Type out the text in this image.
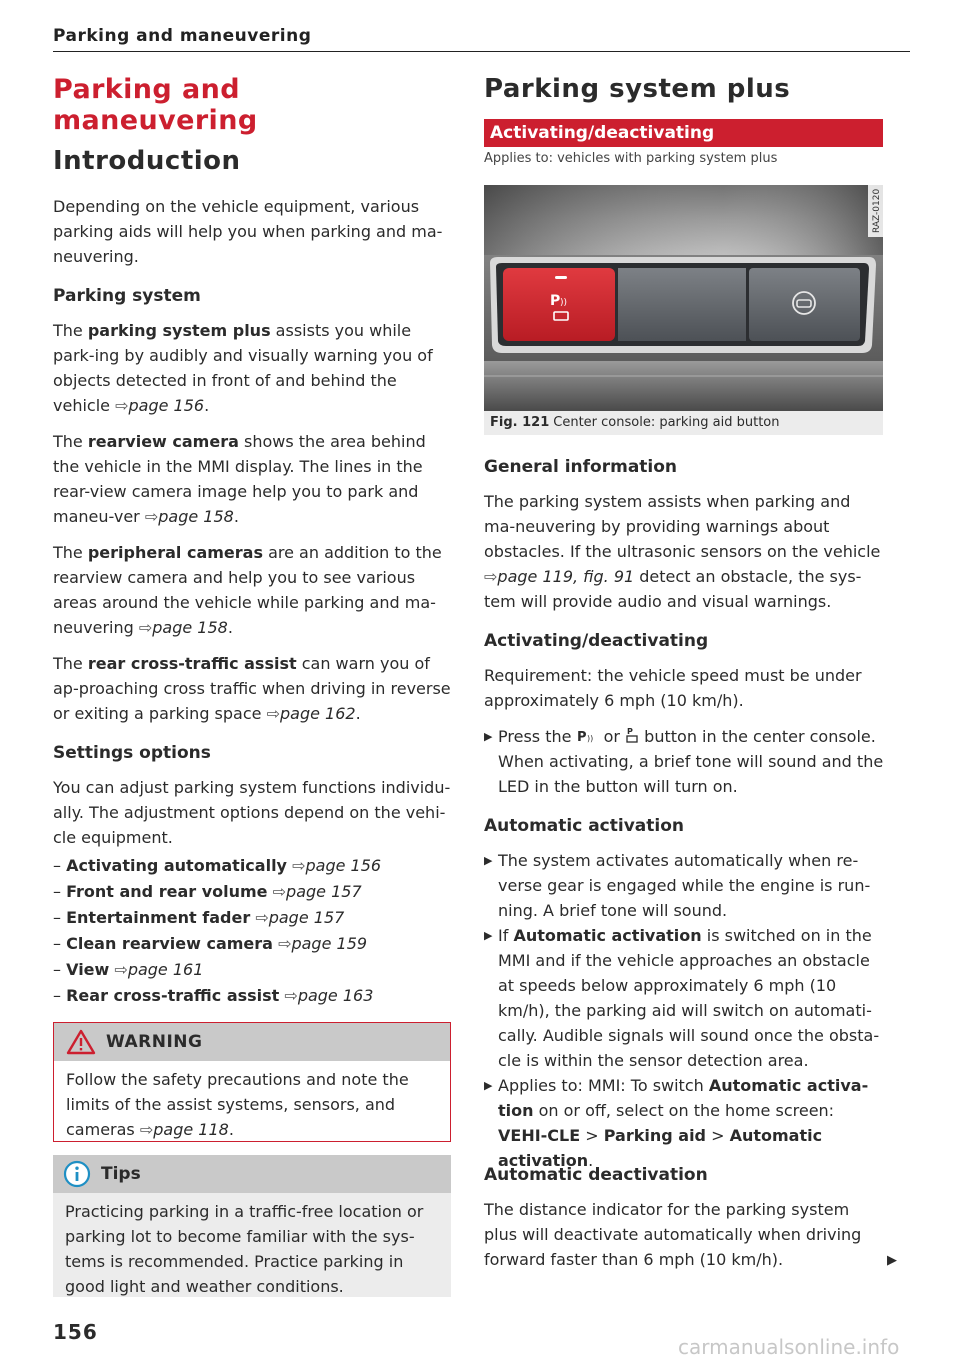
Parking and maneuvering
Parking and
maneuvering
Introduction
Depending on the vehicle equipment, various parking aids will help you when parking and ma-neuvering.
Parking system
The parking system plus assists you while park-ing by audibly and visually warning you of objects detected in front of and behind the vehicle ⇨page 156.
The rearview camera shows the area behind the vehicle in the MMI display. The lines in the rear-view camera image help you to park and maneu-ver ⇨page 158.
The peripheral cameras are an addition to the rearview camera and help you to see various areas around the vehicle while parking and ma-neuvering ⇨page 158.
The rear cross-traffic assist can warn you of ap-proaching cross traffic when driving in reverse or exiting a parking space ⇨page 162.
Settings options
You can adjust parking system functions individu-ally. The adjustment options depend on the vehi-cle equipment.
– Activating automatically ⇨page 156
– Front and rear volume ⇨page 157
– Entertainment fader ⇨page 157
– Clean rearview camera ⇨page 159
– View ⇨page 161
– Rear cross-traffic assist ⇨page 163
WARNING
Follow the safety precautions and note the limits of the assist systems, sensors, and cameras ⇨page 118.
Tips
Practicing parking in a traffic-free location or parking lot to become familiar with the sys-tems is recommended. Practice parking in good light and weather conditions.
156
Parking system plus
Activating/deactivating
Applies to: vehicles with parking system plus
P ))
RAZ-0120
Fig. 121 Center console: parking aid button
General information
The parking system assists when parking and ma-neuvering by providing warnings about obstacles. If the ultrasonic sensors on the vehicle ⇨page 119, fig. 91 detect an obstacle, the sys-tem will provide audio and visual warnings.
Activating/deactivating
Requirement: the vehicle speed must be under approximately 6 mph (10 km/h).
▶ Press the P )) or P button in the center console. When activating, a brief tone will sound and the LED in the button will turn on.
Automatic activation
▶ The system activates automatically when re-verse gear is engaged while the engine is run-ning. A brief tone will sound.
▶ If Automatic activation is switched on in the MMI and if the vehicle approaches an obstacle at speeds below approximately 6 mph (10 km/h), the parking aid will switch on automati-cally. Audible signals will sound once the obsta-cle is within the sensor detection area.
▶ Applies to: MMI: To switch Automatic activa-tion on or off, select on the home screen: VEHI-CLE > Parking aid > Automatic activation.
Automatic deactivation
The distance indicator for the parking system plus will deactivate automatically when driving forward faster than 6 mph (10 km/h).	▶
carmanualsonline.info
